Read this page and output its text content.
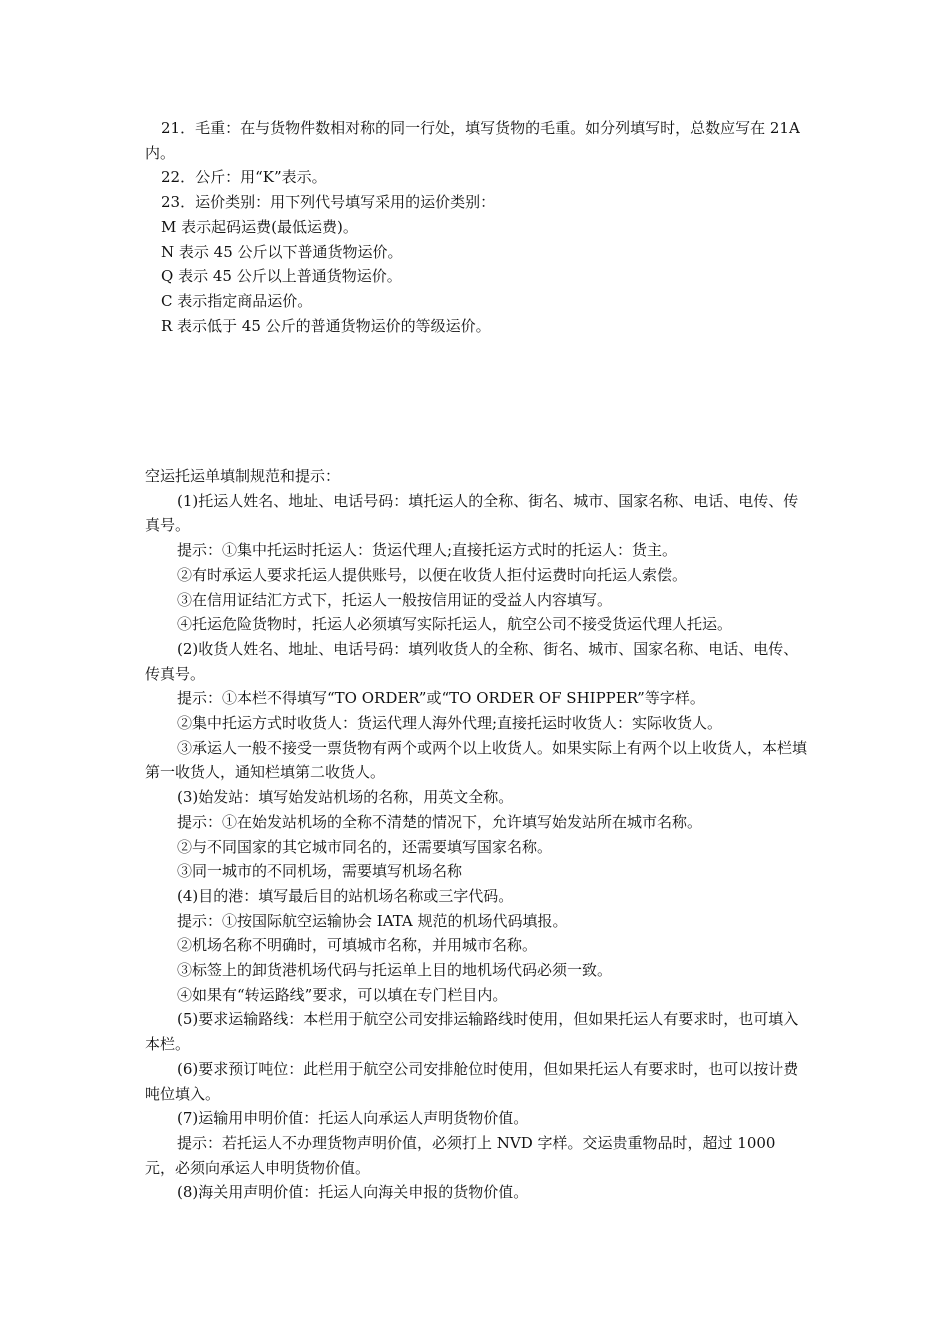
21．毛重：在与货物件数相对称的同一行处，填写货物的毛重。如分列填写时，总数应写在 21A 内。

22．公斤：用“K”表示。

23．运价类别：用下列代号填写采用的运价类别：

M 表示起码运费(最低运费)。

N 表示 45 公斤以下普通货物运价。

Q 表示 45 公斤以上普通货物运价。

C 表示指定商品运价。

R 表示低于 45 公斤的普通货物运价的等级运价。

空运托运单填制规范和提示：

(1)托运人姓名、地址、电话号码：填托运人的全称、街名、城市、国家名称、电话、电传、传真号。

提示：①集中托运时托运人：货运代理人;直接托运方式时的托运人：货主。

②有时承运人要求托运人提供账号，以便在收货人拒付运费时向托运人索偿。

③在信用证结汇方式下，托运人一般按信用证的受益人内容填写。

④托运危险货物时，托运人必须填写实际托运人，航空公司不接受货运代理人托运。

(2)收货人姓名、地址、电话号码：填列收货人的全称、街名、城市、国家名称、电话、电传、传真号。

提示：①本栏不得填写“TO ORDER”或“TO ORDER OF SHIPPER”等字样。

②集中托运方式时收货人：货运代理人海外代理;直接托运时收货人：实际收货人。

③承运人一般不接受一票货物有两个或两个以上收货人。如果实际上有两个以上收货人，本栏填第一收货人，通知栏填第二收货人。

(3)始发站：填写始发站机场的名称，用英文全称。

提示：①在始发站机场的全称不清楚的情况下，允许填写始发站所在城市名称。

②与不同国家的其它城市同名的，还需要填写国家名称。

③同一城市的不同机场，需要填写机场名称

(4)目的港：填写最后目的站机场名称或三字代码。

提示：①按国际航空运输协会 IATA 规范的机场代码填报。

②机场名称不明确时，可填城市名称，并用城市名称。

③标签上的卸货港机场代码与托运单上目的地机场代码必须一致。

④如果有“转运路线”要求，可以填在专门栏目内。

(5)要求运输路线：本栏用于航空公司安排运输路线时使用，但如果托运人有要求时，也可填入本栏。

(6)要求预订吨位：此栏用于航空公司安排舱位时使用，但如果托运人有要求时，也可以按计费吨位填入。

(7)运输用申明价值：托运人向承运人声明货物价值。

提示：若托运人不办理货物声明价值，必须打上 NVD 字样。交运贵重物品时，超过 1000 元，必须向承运人申明货物价值。

(8)海关用声明价值：托运人向海关申报的货物价值。
